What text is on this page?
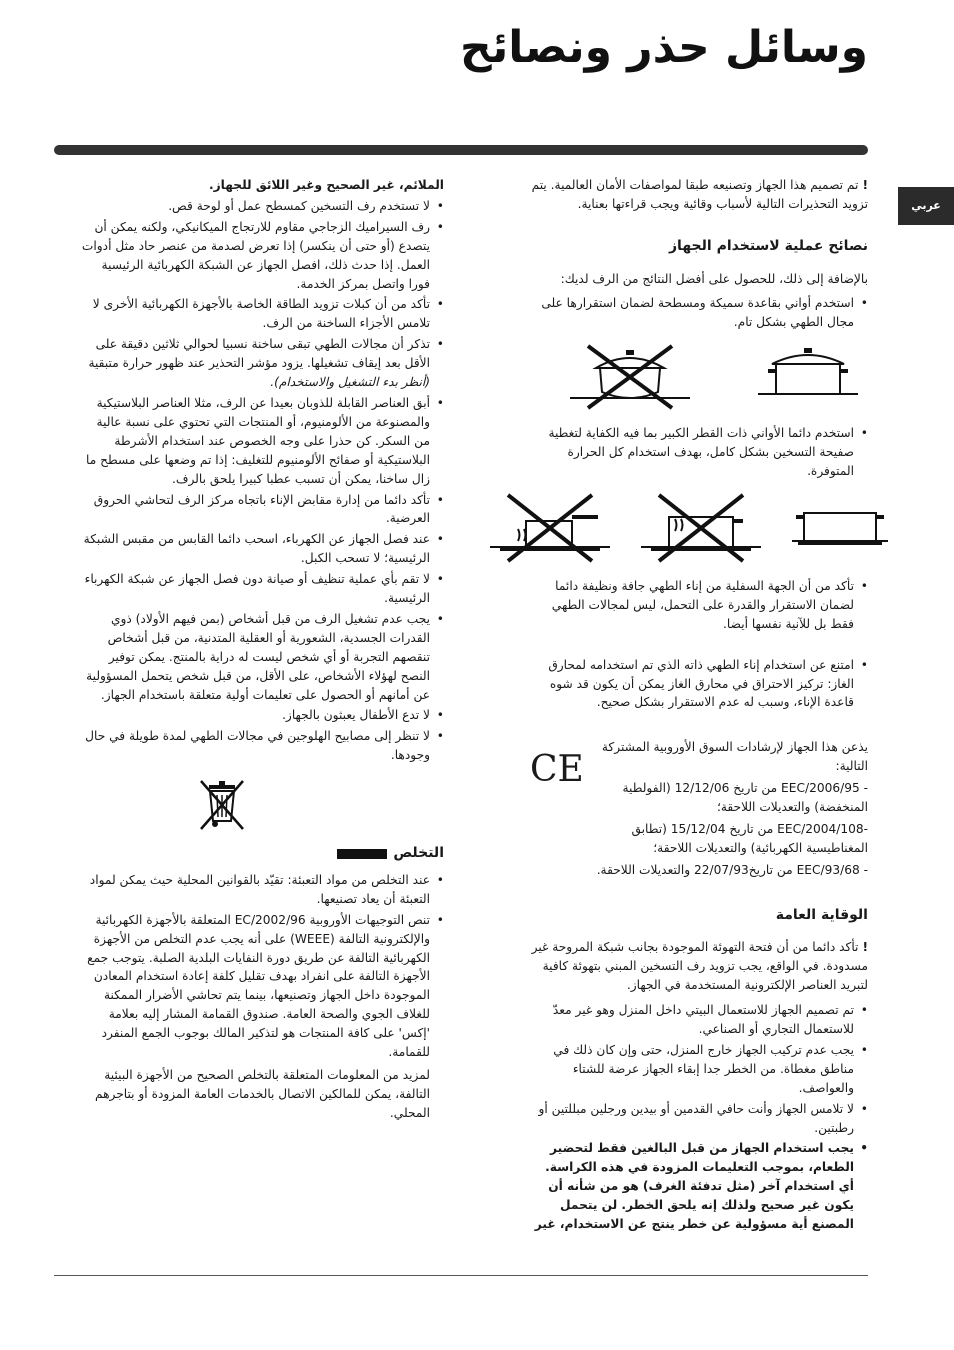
وسائل حذر ونصائح
عربي

!تم تصميم هذا الجهاز وتصنيعه طبقا لمواصفات الأمان العالمية. يتم تزويد التحذيرات التالية لأسباب وقائية ويجب قراءتها بعناية.

نصائح عملية لاستخدام الجهاز

بالإضافة إلى ذلك، للحصول على أفضل النتائج من الرف لديك:

• استخدم أواني بقاعدة سميكة ومسطحة لضمان استقرارها على مجال الطهي بشكل تام.
• استخدم دائما الأواني ذات القطر الكبير بما فيه الكفاية لتغطية صفيحة التسخين بشكل كامل، بهدف استخدام كل الحرارة المتوفرة.
• تأكد من أن الجهة السفلية من إناء الطهي جافة ونظيفة دائما لضمان الاستقرار والقدرة على التحمل، ليس لمجالات الطهي فقط بل للآنية نفسها أيضا.
• امتنع عن استخدام إناء الطهي ذاته الذي تم استخدامه لمحارق الغاز: تركيز الاحتراق في محارق الغاز يمكن أن يكون قد شوه قاعدة الإناء، وسبب له عدم الاستقرار بشكل صحيح.

يذعن هذا الجهاز لإرشادات السوق الأوروبية المشتركة التالية:

- 2006/95/EEC من تاريخ 12/12/06 (الفولطية المنخفضة) والتعديلات اللاحقة؛

-2004/108/EEC من تاريخ 15/12/04 (تطابق المغناطيسية الكهربائية) والتعديلات اللاحقة؛

- 93/68/EEC من تاريخ22/07/93 والتعديلات اللاحقة.

CE
الوقاية العامة

!تأكد دائما من أن فتحة التهوئة الموجودة بجانب شبكة المروحة غير مسدودة. في الواقع، يجب تزويد رف التسخين المبني بتهوئة كافية لتبريد العناصر الإلكترونية المستخدمة في الجهاز.

• تم تصميم الجهاز للاستعمال البيتي داخل المنزل وهو غير معدّ للاستعمال التجاري أو الصناعي.
• يجب عدم تركيب الجهاز خارج المنزل، حتى وإن كان ذلك في مناطق مغطاة. من الخطر جدا إبقاء الجهاز عرضة للشتاء والعواصف.
• لا تلامس الجهاز وأنت حافي القدمين أو بيدين ورجلين مبللتين أو رطبتين.
• يجب استخدام الجهاز من قبل البالغين فقط لتحضير الطعام، بموجب التعليمات المزودة في هذه الكراسة. أي استخدام آخر (مثل تدفئة الغرف) هو من شأنه أن يكون غير صحيح ولذلك إنه يلحق الخطر. لن يتحمل المصنع أية مسؤولية عن خطر ينتج عن الاستخدام، غير

الملائم، غير الصحيح وغير اللائق للجهاز.

• لا تستخدم رف التسخين كمسطح عمل أو لوحة قص.
• رف السيراميك الزجاجي مقاوم للارتجاج الميكانيكي، ولكنه يمكن أن يتصدع (أو حتى أن ينكسر) إذا تعرض لصدمة من عنصر حاد مثل أدوات العمل. إذا حدث ذلك، افصل الجهاز عن الشبكة الكهربائية الرئيسية فورا واتصل بمركز الخدمة.
• تأكد من أن كبلات تزويد الطاقة الخاصة بالأجهزة الكهربائية الأخرى لا تلامس الأجزاء الساخنة من الرف.
• تذكر أن مجالات الطهي تبقى ساخنة نسبيا لحوالي ثلاثين دقيقة على الأقل بعد إيقاف تشغيلها. يزود مؤشر التحذير عند ظهور حرارة متبقية (أنظر بدء التشغيل والاستخدام).
• أبق العناصر القابلة للذوبان بعيدا عن الرف، مثلا العناصر البلاستيكية والمصنوعة من الألومنيوم، أو المنتجات التي تحتوي على نسبة عالية من السكر. كن حذرا على وجه الخصوص عند استخدام الأشرطة البلاستيكية أو صفائح الألومنيوم للتغليف: إذا تم وضعها على مسطح ما زال ساخنا، يمكن أن تسبب عطبا كبيرا يلحق بالرف.
• تأكد دائما من إدارة مقابض الإناء باتجاه مركز الرف لتحاشي الحروق العرضية.
• عند فصل الجهاز عن الكهرباء، اسحب دائما القابس من مقبس الشبكة الرئيسية؛ لا تسحب الكبل.
• لا تقم بأي عملية تنظيف أو صيانة دون فصل الجهاز عن شبكة الكهرباء الرئيسية.
• يجب عدم تشغيل الرف من قبل أشخاص (بمن فيهم الأولاد) ذوي القدرات الجسدية، الشعورية أو العقلية المتدنية، من قبل أشخاص تنقصهم التجربة أو أي شخص ليست له دراية بالمنتج. يمكن توفير النصح لهؤلاء الأشخاص، على الأقل، من قبل شخص يتحمل المسؤولية عن أمانهم أو الحصول على تعليمات أولية متعلقة باستخدام الجهاز.
• لا تدع الأطفال يعبثون بالجهاز.
• لا تنظر إلى مصابيح الهلوجين في مجالات الطهي لمدة طويلة في حال وجودها.
التخلص
• عند التخلص من مواد التعبئة: تقيّد بالقوانين المحلية حيث يمكن لمواد التعبئة أن يعاد تصنيعها.
• تنص التوجيهات الأوروبية 2002/96/EC المتعلقة بالأجهزة الكهربائية والإلكترونية التالفة (WEEE) على أنه يجب عدم التخلص من الأجهزة الكهربائية التالفة عن طريق دورة النفايات البلدية الصلبة. يتوجب جمع الأجهزة التالفة على انفراد بهدف تقليل كلفة إعادة استخدام المعادن الموجودة داخل الجهاز وتصنيعها، بينما يتم تحاشي الأضرار الممكنة للغلاف الجوي والصحة العامة. صندوق القمامة المشار إليه بعلامة 'إكس' على كافة المنتجات هو لتذكير المالك بوجوب الجمع المنفرد للقمامة.

لمزيد من المعلومات المتعلقة بالتخلص الصحيح من الأجهزة البيئية التالفة، يمكن للمالكين الاتصال بالخدمات العامة المزودة أو بتاجرهم المحلي.
